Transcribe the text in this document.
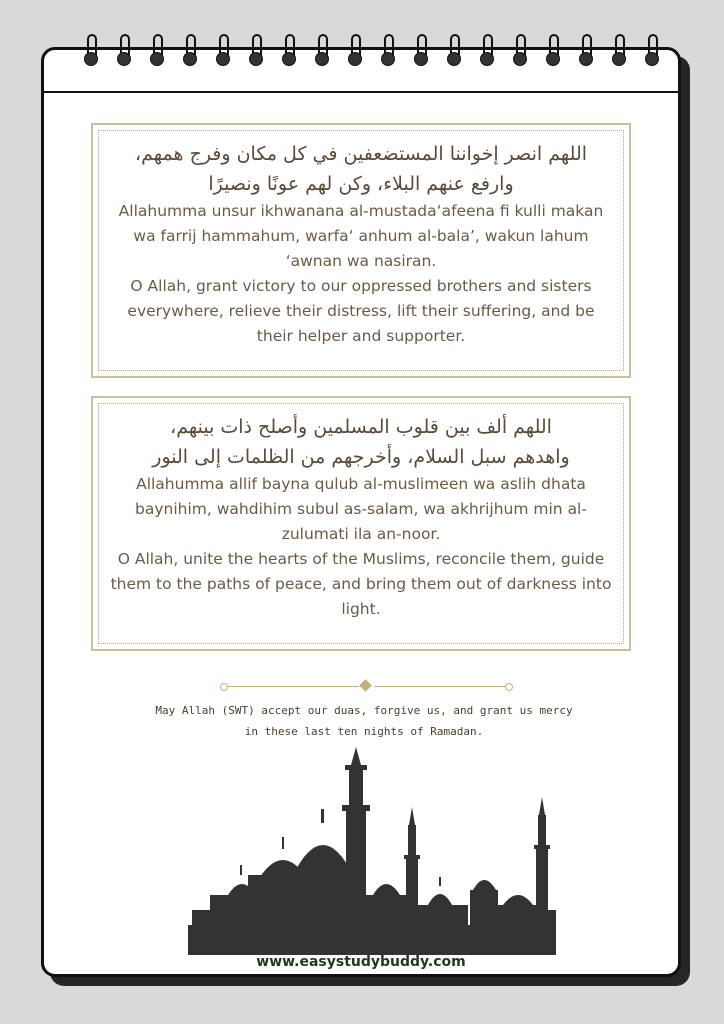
اللهم انصر إخواننا المستضعفين في كل مكان وفرج همهم،

وارفع عنهم البلاء، وكن لهم عونًا ونصيرًا

Allahumma unsur ikhwanana al-mustada‘afeena fi kulli makan wa farrij hammahum, warfa‘ anhum al-bala’, wakun lahum ‘awnan wa nasiran.

O Allah, grant victory to our oppressed brothers and sisters everywhere, relieve their distress, lift their suffering, and be their helper and supporter.

اللهم ألف بين قلوب المسلمين وأصلح ذات بينهم،

واهدهم سبل السلام، وأخرجهم من الظلمات إلى النور

Allahumma allif bayna qulub al-muslimeen wa aslih dhata baynihim, wahdihim subul as-salam, wa akhrijhum min al-zulumati ila an-noor.

O Allah, unite the hearts of the Muslims, reconcile them, guide them to the paths of peace, and bring them out of darkness into light.

May Allah (SWT) accept our duas, forgive us, and grant us mercy
in these last ten nights of Ramadan.
www.easystudybuddy.com
